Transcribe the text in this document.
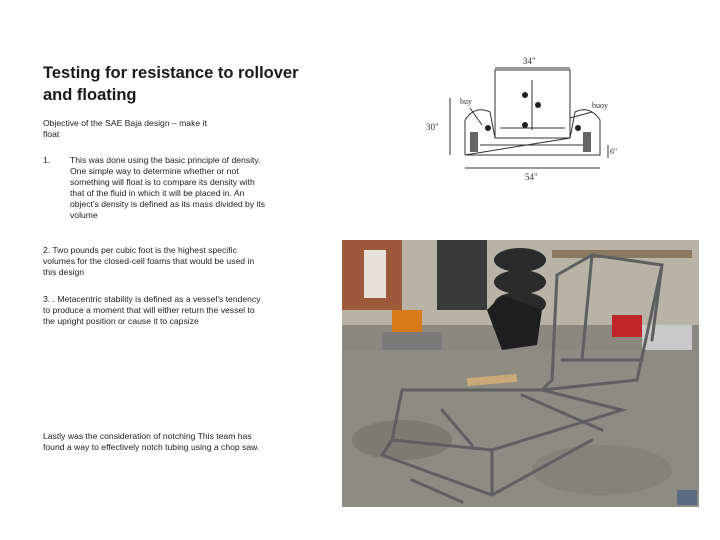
Testing for resistance to rollover and floating
Objective of the SAE Baja design – make it float
1. This was done using the basic principle of density. One simple way to determine whether or not something will float is to compare its density with that of the fluid in which it will be placed in. An object's density is defined as its mass divided by its volume
2. Two pounds per cubic foot is the highest specific volumes for the closed-cell foams that would be used in this design
3. . Metacentric stability is defined as a vessel's tendency to produce a moment that will either return the vessel to the upright position or cause it to capsize
Lastly was the consideration of notching This team has found a way to effectively notch tubing using a chop saw.
34"
30"
54"
6"
buy	buoy
